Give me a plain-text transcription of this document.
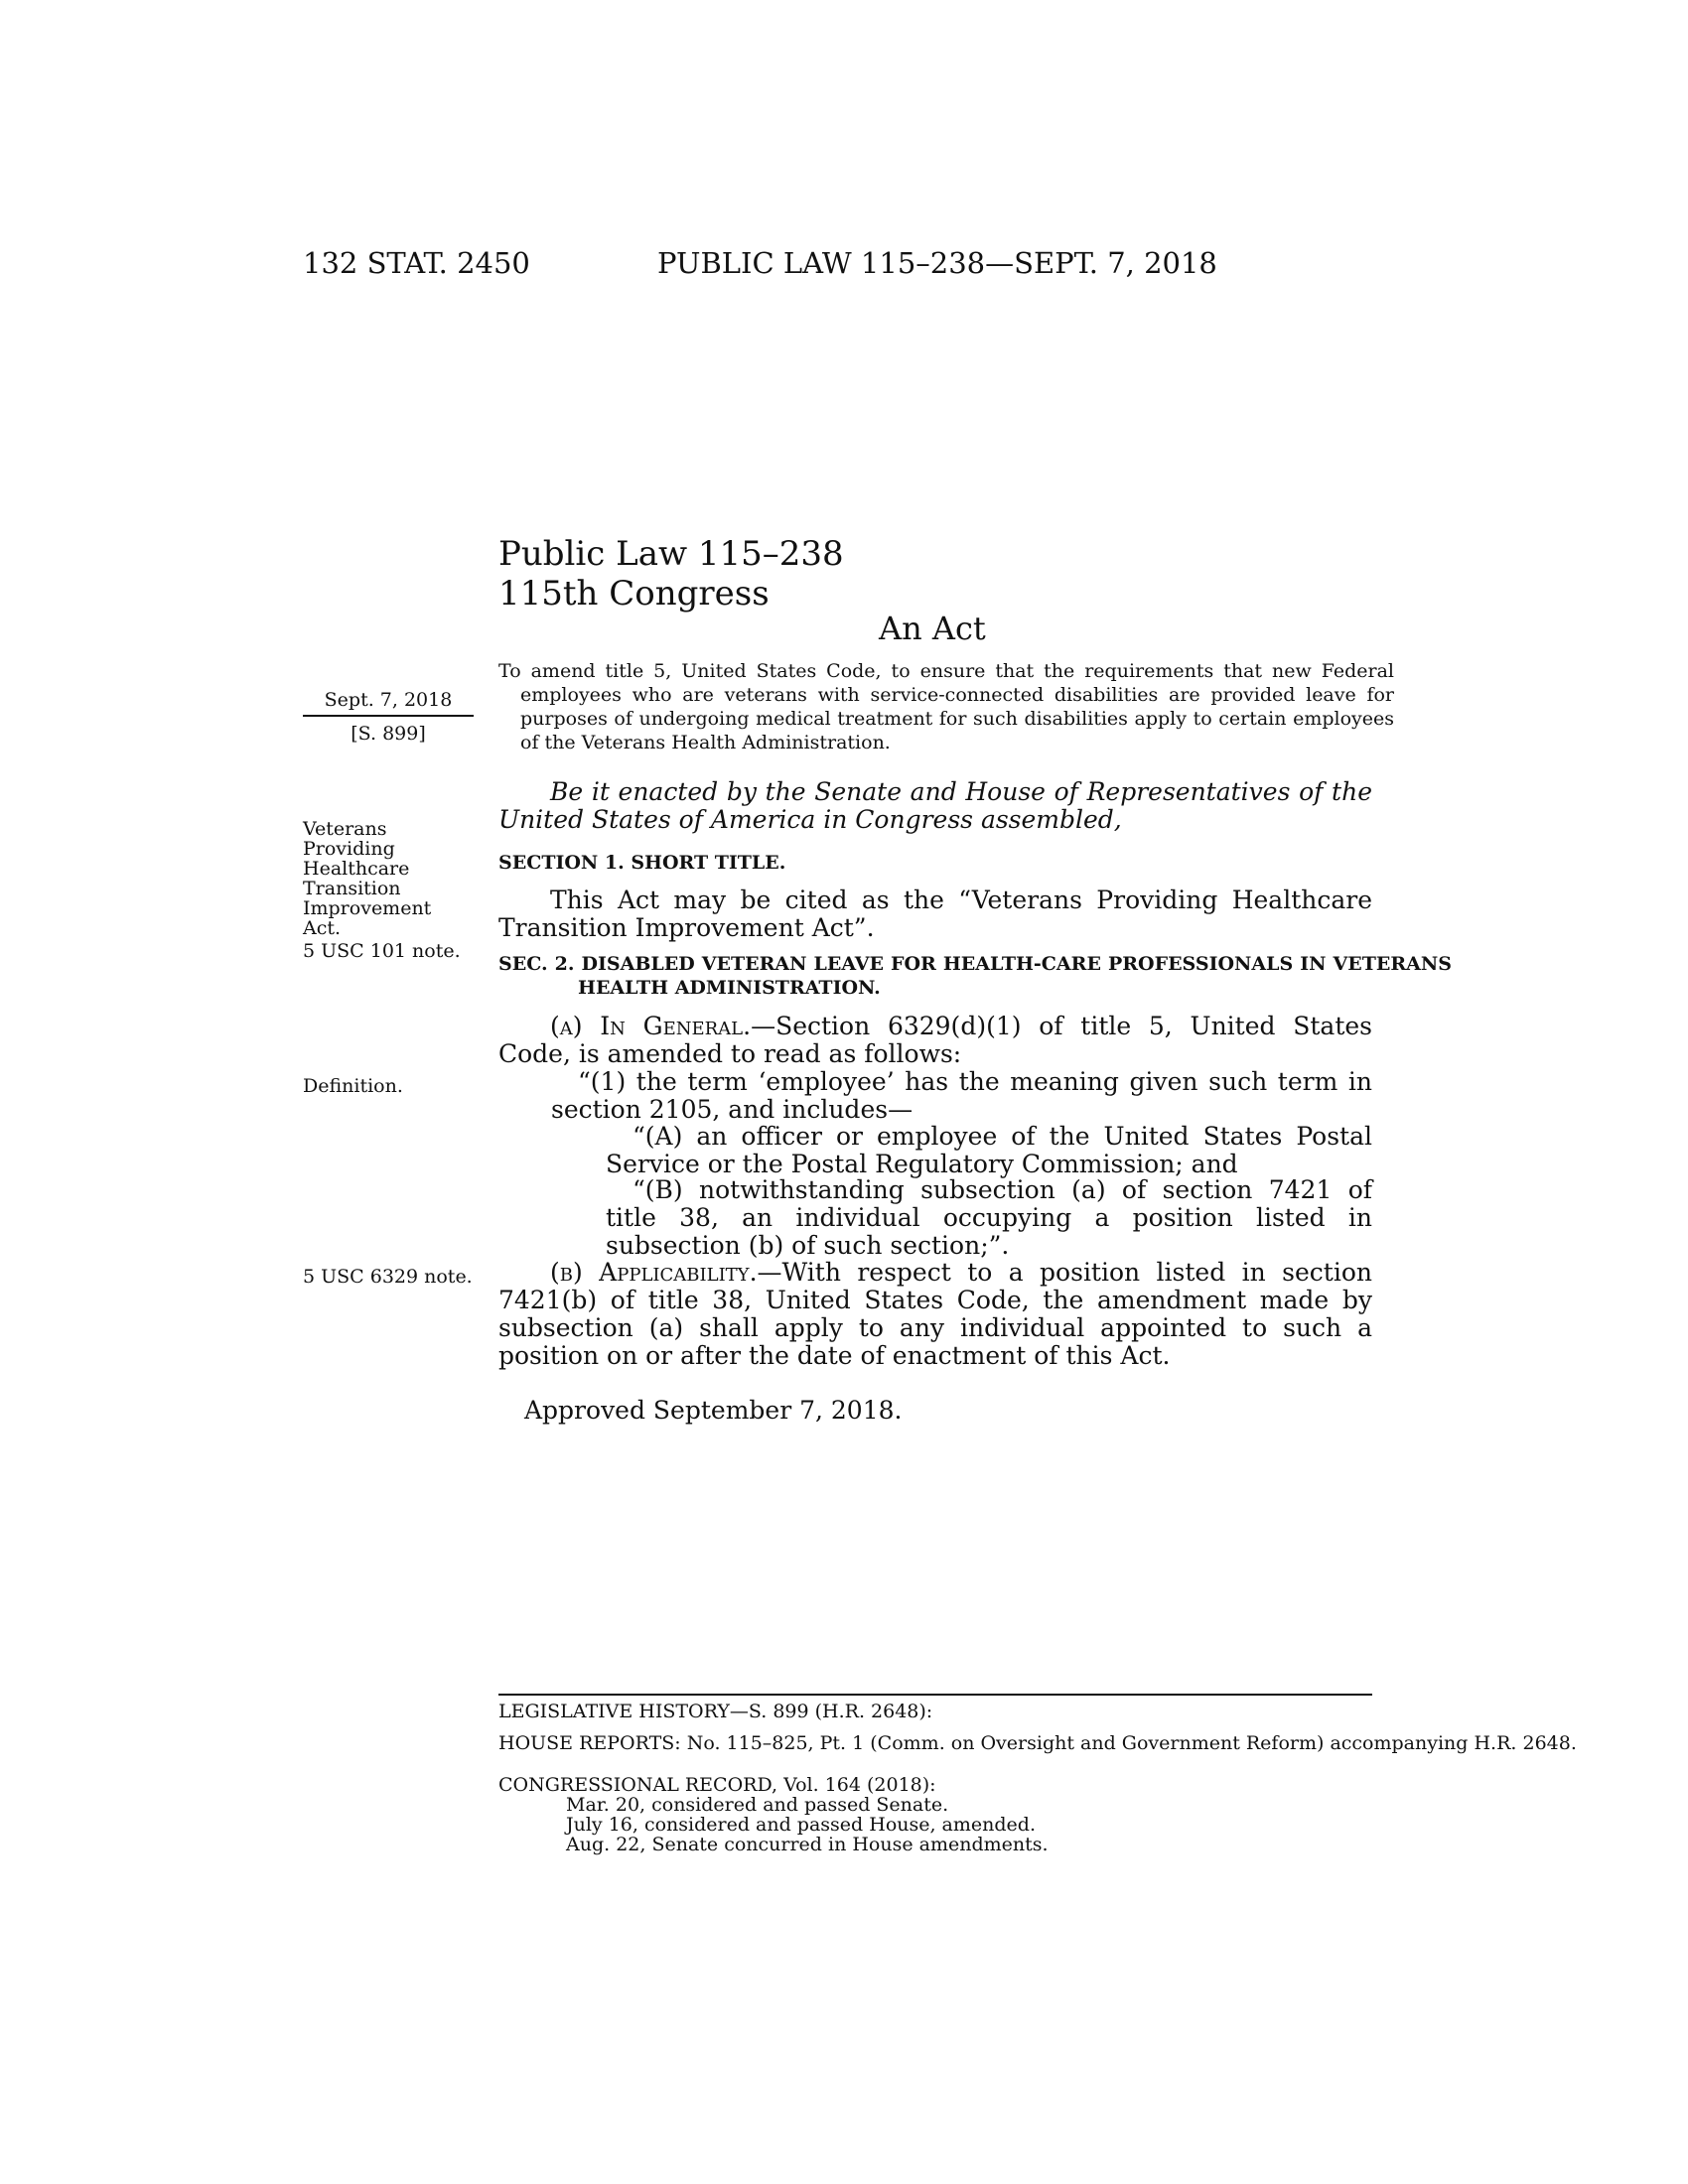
132 STAT. 2450	PUBLIC LAW 115–238—SEPT. 7, 2018
Public Law 115–238
115th Congress
An Act
Sept. 7, 2018
[S. 899]

To amend title 5, United States Code, to ensure that the requirements that new Federal employees who are veterans with service-connected disabilities are provided leave for purposes of undergoing medical treatment for such disabilities apply to certain employees of the Veterans Health Administration.

Be it enacted by the Senate and House of Representatives of the United States of America in Congress assembled,

Veterans Providing Healthcare Transition Improvement Act.
5 USC 101 note.
SECTION 1. SHORT TITLE.

This Act may be cited as the “Veterans Providing Healthcare Transition Improvement Act”.

SEC. 2. DISABLED VETERAN LEAVE FOR HEALTH-CARE PROFESSIONALS IN VETERANS HEALTH ADMINISTRATION.

(a) In General.—Section 6329(d)(1) of title 5, United States Code, is amended to read as follows:

Definition.	“(1) the term ‘employee’ has the meaning given such term in section 2105, and includes—

“(A) an officer or employee of the United States Postal Service or the Postal Regulatory Commission; and

“(B) notwithstanding subsection (a) of section 7421 of title 38, an individual occupying a position listed in subsection (b) of such section;”.

5 USC 6329 note.	(b) Applicability.—With respect to a position listed in section 7421(b) of title 38, United States Code, the amendment made by subsection (a) shall apply to any individual appointed to such a position on or after the date of enactment of this Act.

Approved September 7, 2018.
LEGISLATIVE HISTORY—S. 899 (H.R. 2648):
HOUSE REPORTS: No. 115–825, Pt. 1 (Comm. on Oversight and Government Reform) accompanying H.R. 2648.
CONGRESSIONAL RECORD, Vol. 164 (2018):
Mar. 20, considered and passed Senate.
July 16, considered and passed House, amended.
Aug. 22, Senate concurred in House amendments.
